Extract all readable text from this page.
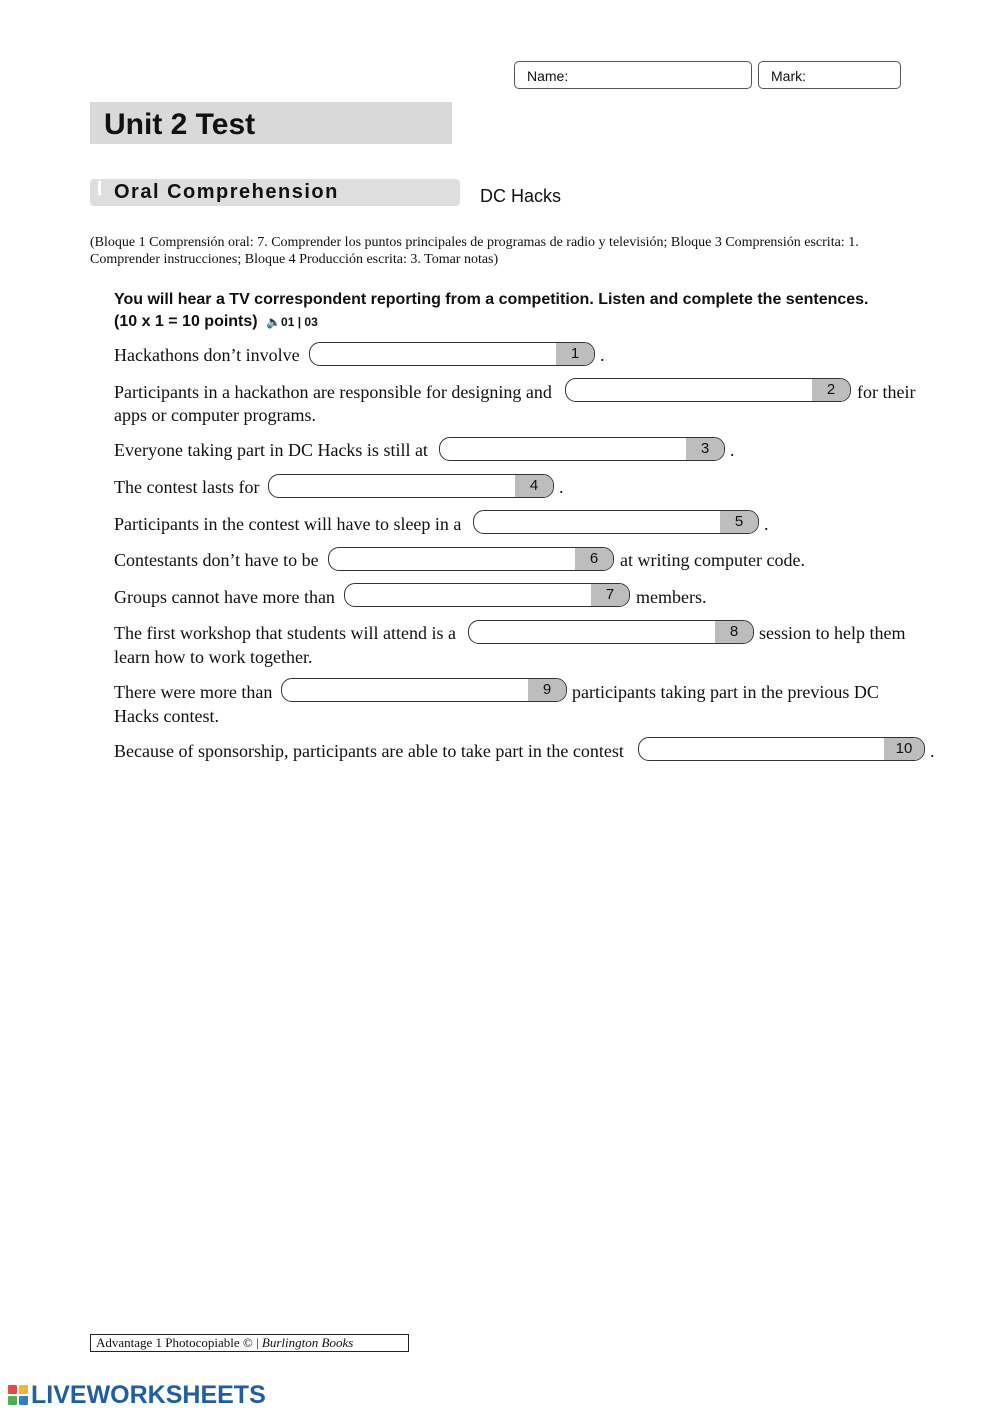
Name:	Mark:
Unit 2 Test
Oral Comprehension	DC Hacks
(Bloque 1 Comprensión oral: 7. Comprender los puntos principales de programas de radio y televisión; Bloque 3 Comprensión escrita: 1. Comprender instrucciones; Bloque 4 Producción escrita: 3. Tomar notas)
You will hear a TV correspondent reporting from a competition. Listen and complete the sentences.
(10 x 1 = 10 points) 🔈01 | 03
Hackathons don’t involve	1	.
Participants in a hackathon are responsible for designing and	2	for their
apps or computer programs.
Everyone taking part in DC Hacks is still at	3	.
The contest lasts for	4	.
Participants in the contest will have to sleep in a	5	.
Contestants don’t have to be	6	at writing computer code.
Groups cannot have more than	7	members.
The first workshop that students will attend is a	8	session to help them
learn how to work together.
There were more than	9	participants taking part in the previous DC
Hacks contest.
Because of sponsorship, participants are able to take part in the contest	10 .
Advantage 1 Photocopiable © | Burlington Books
LIVEWORKSHEETS
